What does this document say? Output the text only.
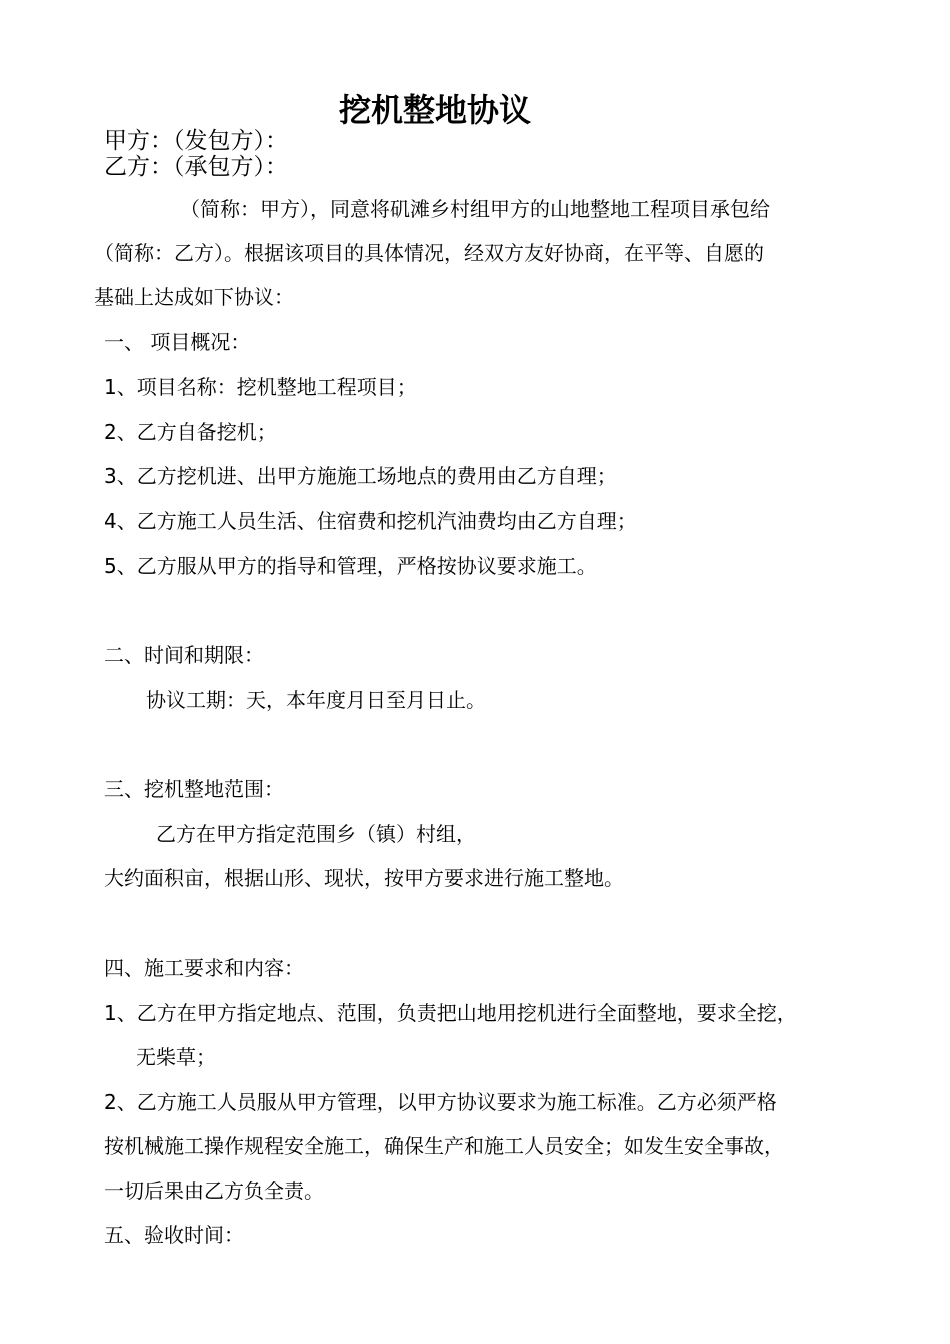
挖机整地协议
甲方：（发包方）：
乙方：（承包方）：
（简称：甲方），同意将矶滩乡村组甲方的山地整地工程项目承包给
（简称：乙方）。根据该项目的具体情况，经双方友好协商，在平等、自愿的
基础上达成如下协议：
一、 项目概况：
1、项目名称：挖机整地工程项目；
2、乙方自备挖机；
3、乙方挖机进、出甲方施施工场地点的费用由乙方自理；
4、乙方施工人员生活、住宿费和挖机汽油费均由乙方自理；
5、乙方服从甲方的指导和管理，严格按协议要求施工。
二、时间和期限：
协议工期：天，本年度月日至月日止。
三、挖机整地范围：
乙方在甲方指定范围乡（镇）村组，
大约面积亩，根据山形、现状，按甲方要求进行施工整地。
四、施工要求和内容：
1、乙方在甲方指定地点、范围，负责把山地用挖机进行全面整地，要求全挖，
无柴草；
2、乙方施工人员服从甲方管理，以甲方协议要求为施工标准。乙方必须严格
按机械施工操作规程安全施工，确保生产和施工人员安全；如发生安全事故，
一切后果由乙方负全责。
五、验收时间：
